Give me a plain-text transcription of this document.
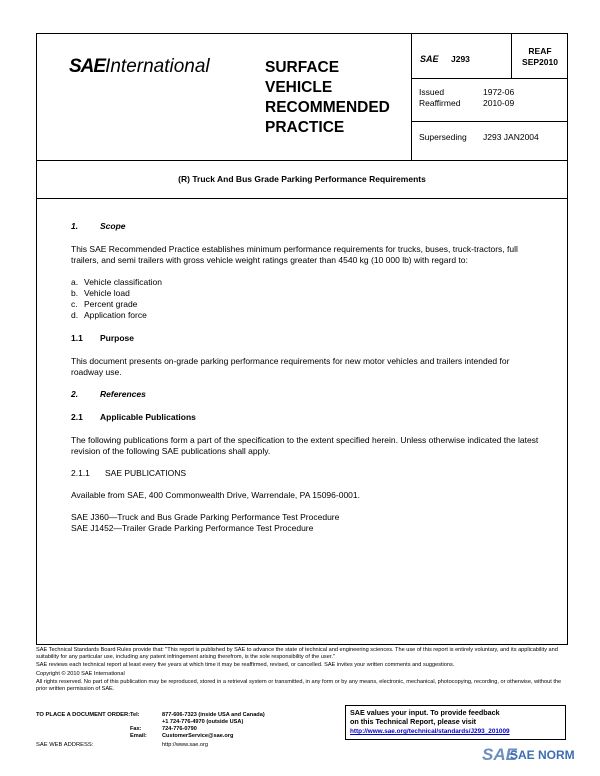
SAEInternational	SURFACE
VEHICLE
RECOMMENDED
PRACTICE
SAE J293
REAF
SEP2010
Issued	1972-06
Reaffirmed	2010-09
Superseding J293 JAN2004
(R) Truck And Bus Grade Parking Performance Requirements
1.	Scope
This SAE Recommended Practice establishes minimum performance requirements for trucks, buses, truck-tractors, full trailers, and semi trailers with gross vehicle weight ratings greater than 4540 kg (10 000 lb) with regard to:
a. Vehicle classification
b. Vehicle load
c. Percent grade
d. Application force
1.1 Purpose
This document presents on-grade parking performance requirements for new motor vehicles and trailers intended for roadway use.
2.	References
2.1 Applicable Publications
The following publications form a part of the specification to the extent specified herein. Unless otherwise indicated the latest revision of the following SAE publications shall apply.
2.1.1 SAE PUBLICATIONS
Available from SAE, 400 Commonwealth Drive, Warrendale, PA 15096-0001.
SAE J360—Truck and Bus Grade Parking Performance Test Procedure
SAE J1452—Trailer Grade Parking Performance Test Procedure
SAE Technical Standards Board Rules provide that: "This report is published by SAE to advance the state of technical and engineering sciences. The use of this report is entirely voluntary, and its applicability and suitability for any particular use, including any patent infringement arising therefrom, is the sole responsibility of the user."
SAE reviews each technical report at least every five years at which time it may be reaffirmed, revised, or cancelled. SAE invites your written comments and suggestions.
Copyright © 2010 SAE International
All rights reserved. No part of this publication may be reproduced, stored in a retrieval system or transmitted, in any form or by any means, electronic, mechanical, photocopying, recording, or otherwise, without the prior written permission of SAE.
TO PLACE A DOCUMENT ORDER: Tel:	877-606-7323 (inside USA and Canada)
+1 724-776-4970 (outside USA)
Fax:	724-776-0790
Email:	CustomerService@sae.org
SAE WEB ADDRESS:	http://www.sae.org
SAE values your input. To provide feedback
on this Technical Report, please visit
http://www.sae.org/technical/standards/J293_201009
SAE
SAE NORM
